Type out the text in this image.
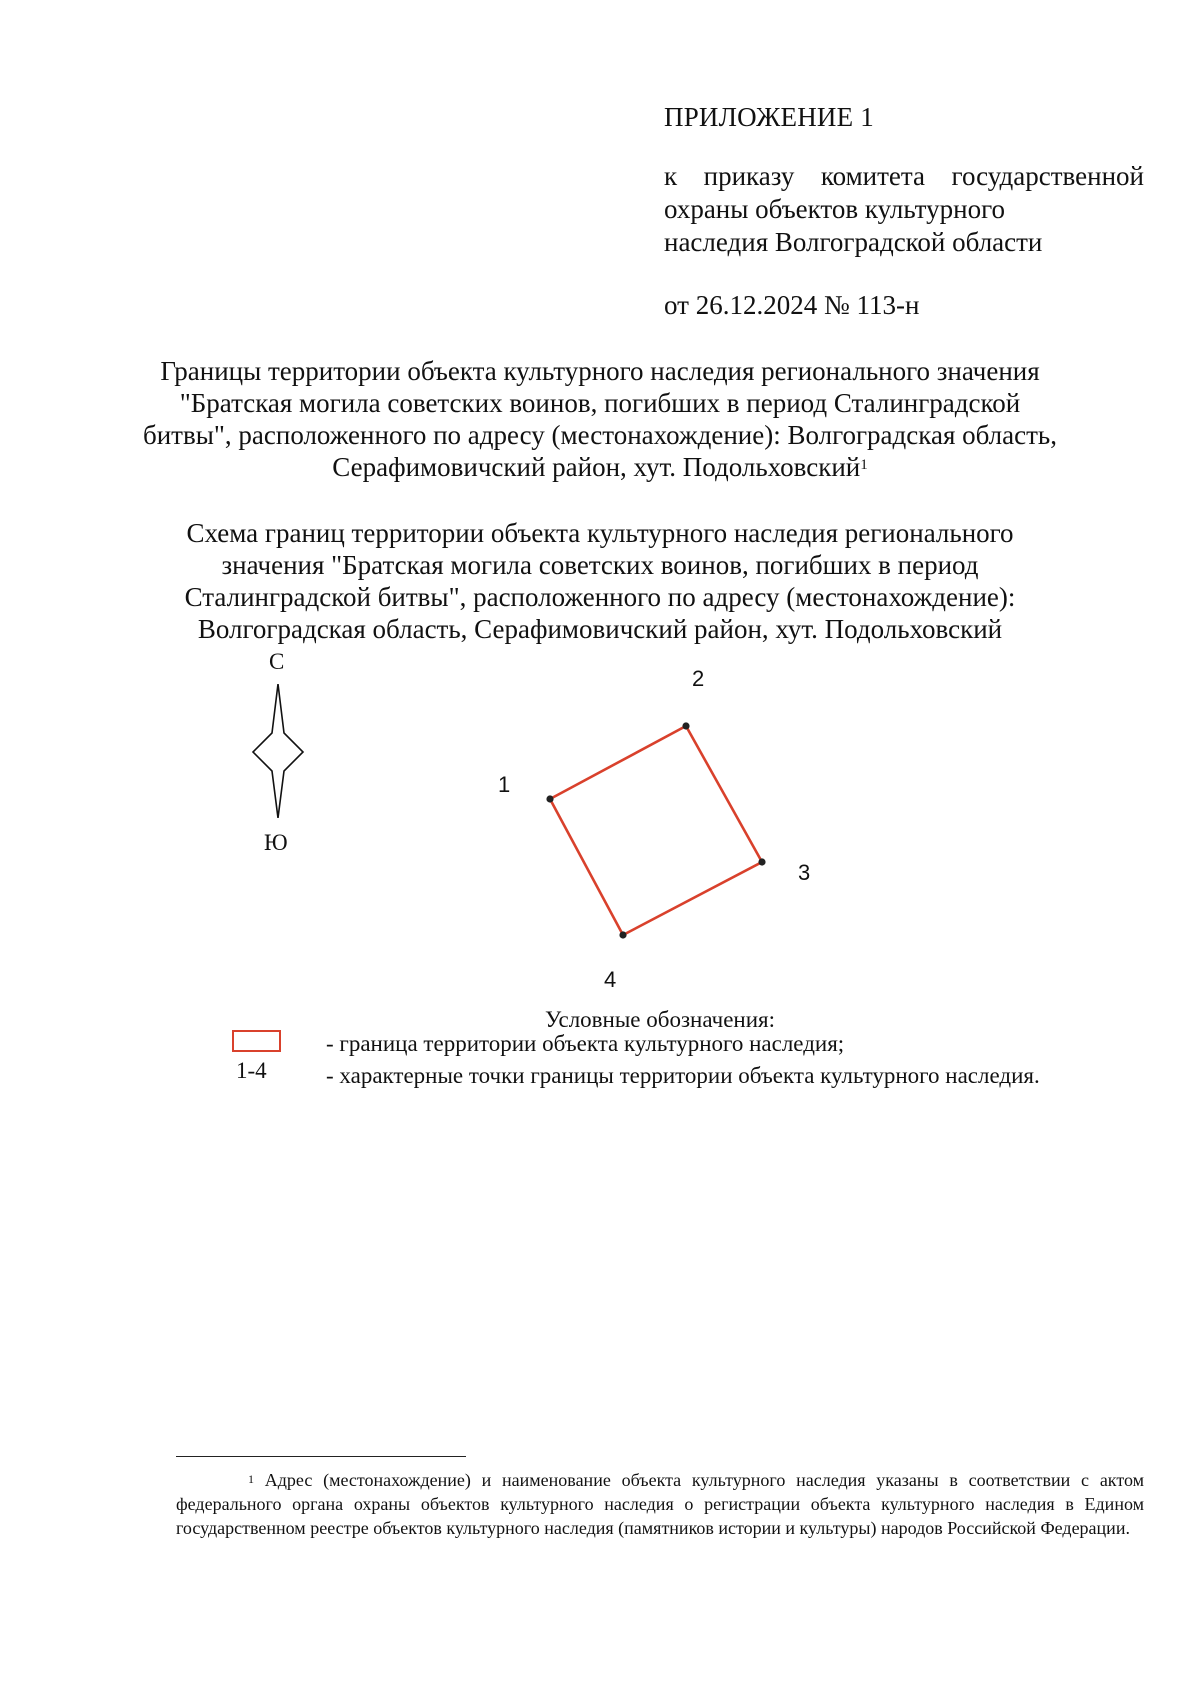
ПРИЛОЖЕНИЕ 1
к приказу комитета государственной
охраны объектов культурного
наследия Волгоградской области
от 26.12.2024 № 113-н
Границы территории объекта культурного наследия регионального значения
"Братская могила советских воинов, погибших в период Сталинградской
битвы", расположенного по адресу (местонахождение): Волгоградская область,
Серафимовичский район, хут. Подольховский$^1$
Схема границ территории объекта культурного наследия регионального
значения "Братская могила советских воинов, погибших в период
Сталинградской битвы", расположенного по адресу (местонахождение):
Волгоградская область, Серафимовичский район, хут. Подольховский
С
Ю
1
2
3
4
Условные обозначения:
- граница территории объекта культурного наследия;
1-4	- характерные точки границы территории объекта культурного наследия.
$^1$ Адрес (местонахождение) и наименование объекта культурного наследия указаны в соответствии с актом федерального органа охраны объектов культурного наследия о регистрации объекта культурного наследия в Едином государственном реестре объектов культурного наследия (памятников истории и культуры) народов Российской Федерации.
